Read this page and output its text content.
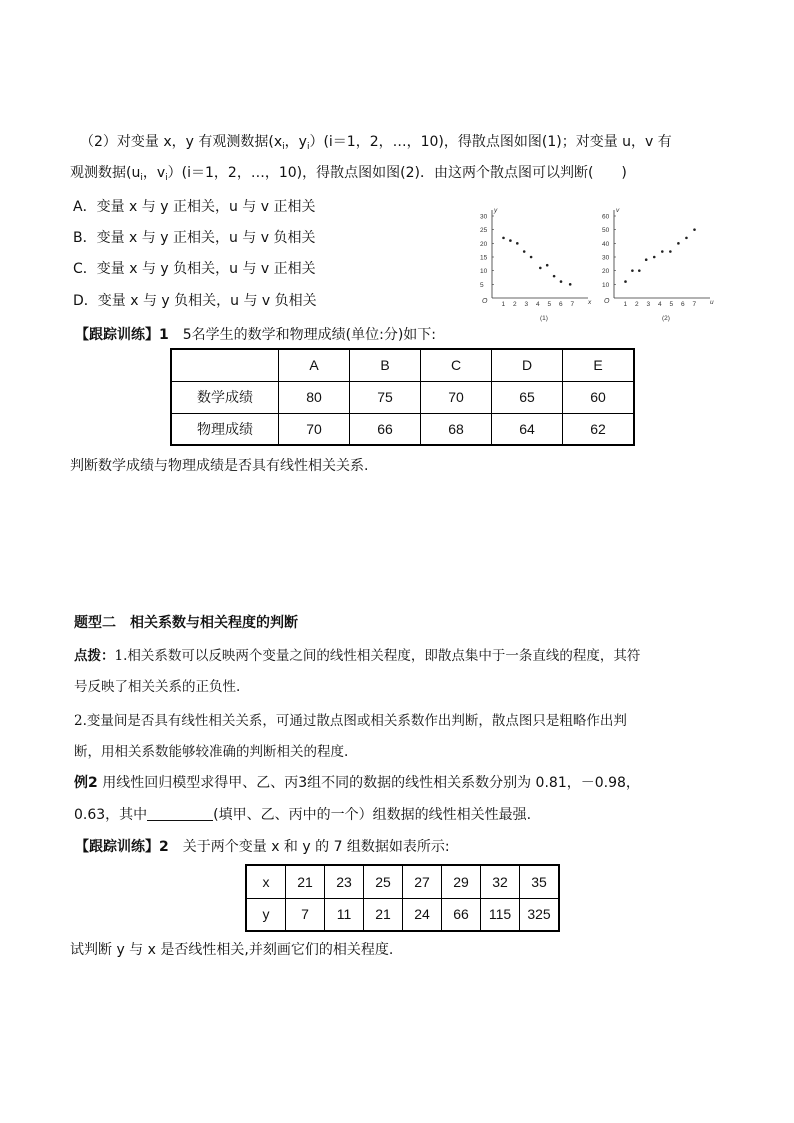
（2）对变量 x，y 有观测数据($x_i$，$y_i)(i=1$，2，…，10)，得散点图如图(1)；对变量 u，v 有
观测数据($u_i$，$v_i)(i=1$，2，…，10)，得散点图如图(2)．由这两个散点图可以判断(　　)
A．变量 x 与 y 正相关，u 与 v 正相关
B．变量 x 与 y 正相关，u 与 v 负相关
C．变量 x 与 y 负相关，u 与 v 正相关
D．变量 x 与 y 负相关，u 与 v 负相关	O	x
y
1 2 3 4 5 6 7
5
10
15
20
25
30
(1)
O	u
v
1 2 3 4 5 6 7
10
20
30
40
50
60
(2)
【跟踪训练】1　5名学生的数学和物理成绩(单位:分)如下:
	A	B	C	D	E
数学成绩	80	75	70	65	60
物理成绩	70	66	68	64	62
判断数学成绩与物理成绩是否具有线性相关关系.
题型二　相关系数与相关程度的判断
点拨：1.相关系数可以反映两个变量之间的线性相关程度，即散点集中于一条直线的程度，其符
号反映了相关关系的正负性.
2.变量间是否具有线性相关关系，可通过散点图或相关系数作出判断，散点图只是粗略作出判
断，用相关系数能够较准确的判断相关的程度.
例2 用线性回归模型求得甲、乙、丙3组不同的数据的线性相关系数分别为 0.81，－0.98，
0.63，其中	(填甲、乙、丙中的一个）组数据的线性相关性最强.
【跟踪训练】2　关于两个变量 x 和 y 的 7 组数据如表所示:
x	21	23	25	27	29	32	35
y	7	11	21	24	66	115	325
试判断 y 与 x 是否线性相关,并刻画它们的相关程度.
